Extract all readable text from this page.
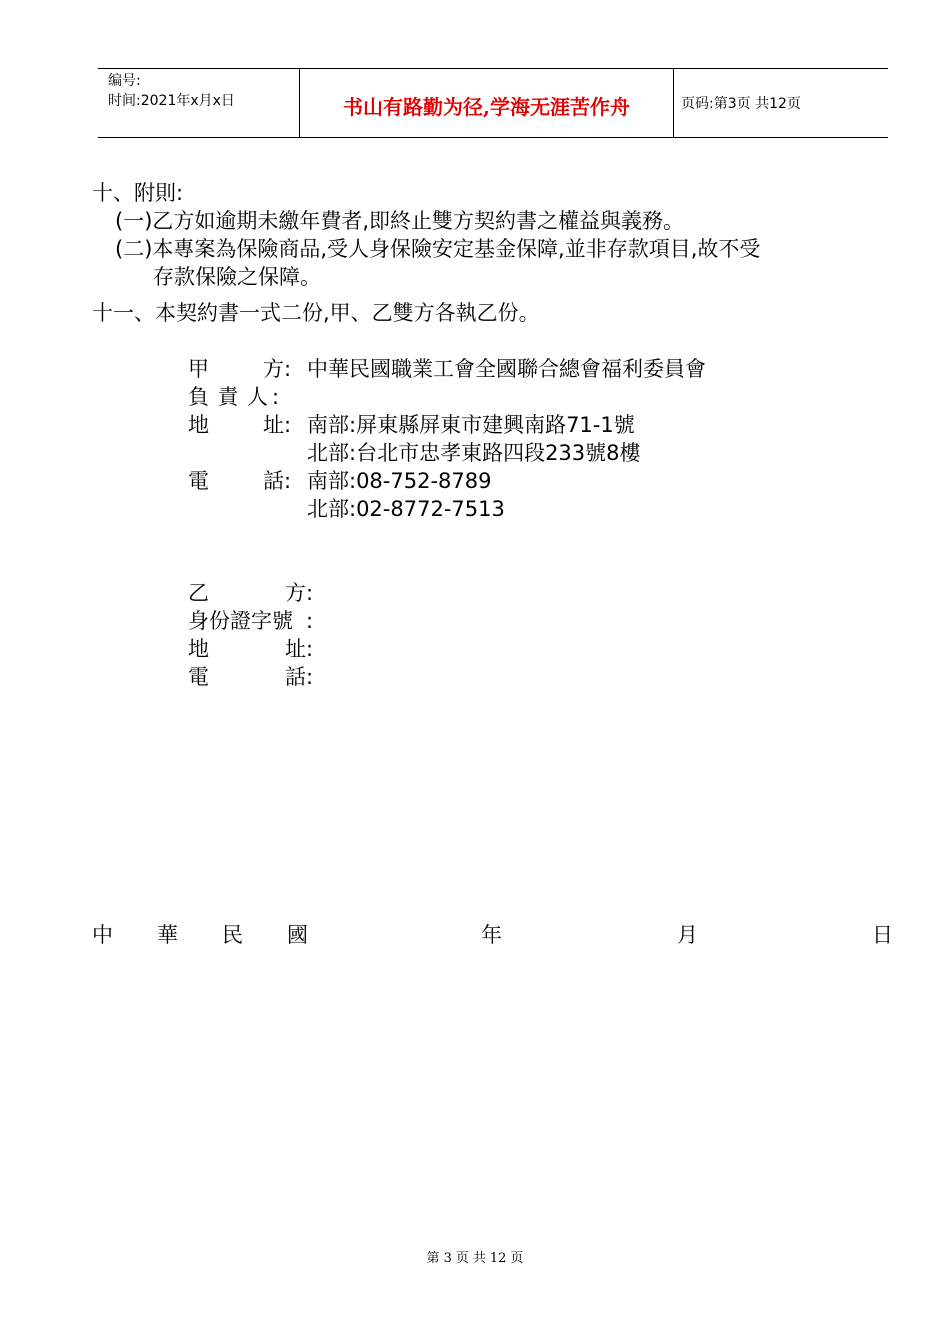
编号:
时间:2021年x月x日	书山有路勤为径,学海无涯苦作舟	页码:第3页 共12页
十、附則:
(一)乙方如逾期未繳年費者,即終止雙方契約書之權益與義務。
(二)本專案為保險商品,受人身保險安定基金保障,並非存款項目,故不受
存款保險之保障。
十一、本契約書一式二份,甲、乙雙方各執乙份。
甲	方 : 中華民國職業工會全國聯合總會福利委員會
負 責 人 :
地	址 : 南部:屏東縣屏東市建興南路71-1號
北部:台北市忠孝東路四段233號8樓
電	話 : 南部:08-752-8789
北部:02-8772-7513
乙	方 :
身份證字號 :
地	址 :
電	話 :
中 華 民 國	年	月	日
第 3 页 共 12 页
